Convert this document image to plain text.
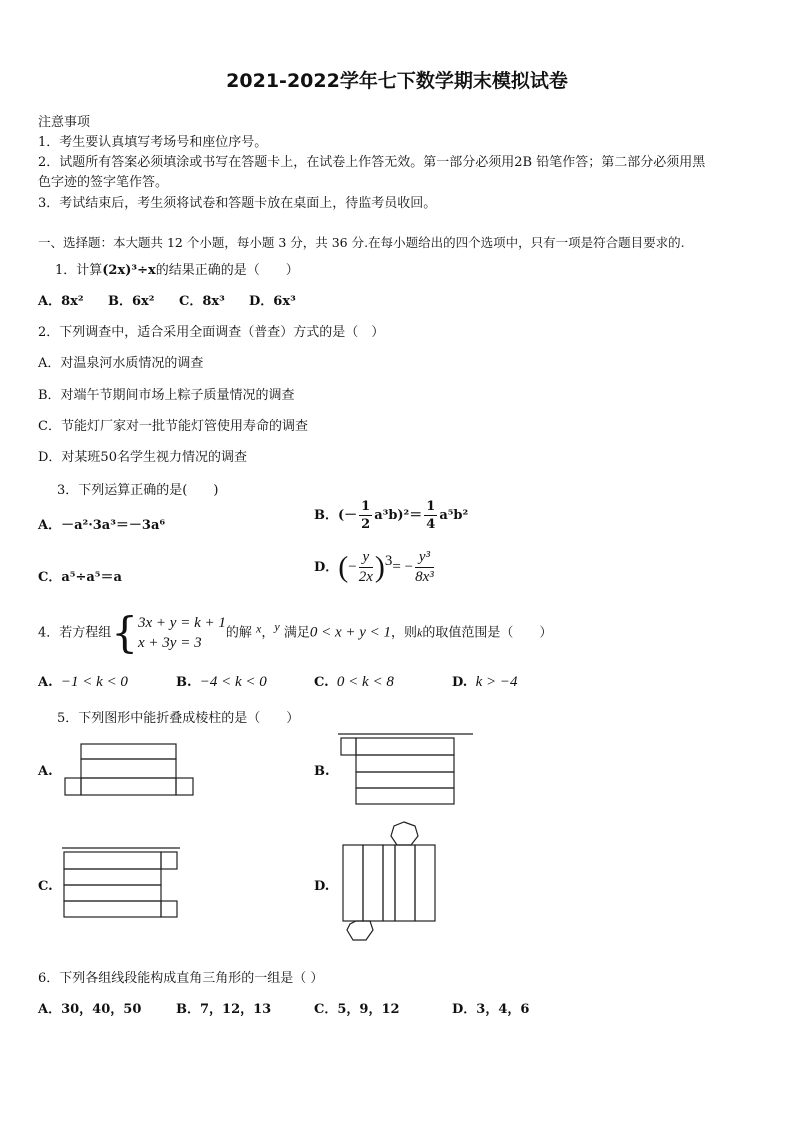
2021-2022学年七下数学期末模拟试卷
注意事项
1．考生要认真填写考场号和座位序号。
2．试题所有答案必须填涂或书写在答题卡上，在试卷上作答无效。第一部分必须用2B 铅笔作答；第二部分必须用黑
色字迹的签字笔作答。
3．考试结束后，考生须将试卷和答题卡放在桌面上，待监考员收回。
一、选择题：本大题共 12 个小题，每小题 3 分，共 36 分.在每小题给出的四个选项中，只有一项是符合题目要求的.
1．计算(2x)³÷x的结果正确的是（　　）
A．8x² B．6x² C．8x³ D．6x³
2．下列调查中，适合采用全面调查（普查）方式的是（　）
A．对温泉河水质情况的调查
B．对端午节期间市场上粽子质量情况的调查
C．节能灯厂家对一批节能灯管使用寿命的调查
D．对某班50名学生视力情况的调查
3．下列运算正确的是(　　)
A．－a²·3a³＝－3a⁶
B．(－ $\frac{1}{2} a^3b)^2= \frac{1}{4} a^5b^2$
C．a⁵÷a⁵＝a
D．(− $\frac{y}{2x} )^3= - \frac{\text{y³}}{\text{8x³}}$
4．若方程组{ 3x + y = k + 1
x + 3y = 3
的解 x，y 满足0 < x + y < 1，则k的取值范围是（　　）
A. −1 < k < 0	B. −4 < k < 0	C. 0 < k < 8	D. k > −4
5．下列图形中能折叠成棱柱的是（　　）
A.	B.
C.	D.
6．下列各组线段能构成直角三角形的一组是（ ）
A．30，40，50	B．7，12，13	C．5，9，12	D．3，4，6
